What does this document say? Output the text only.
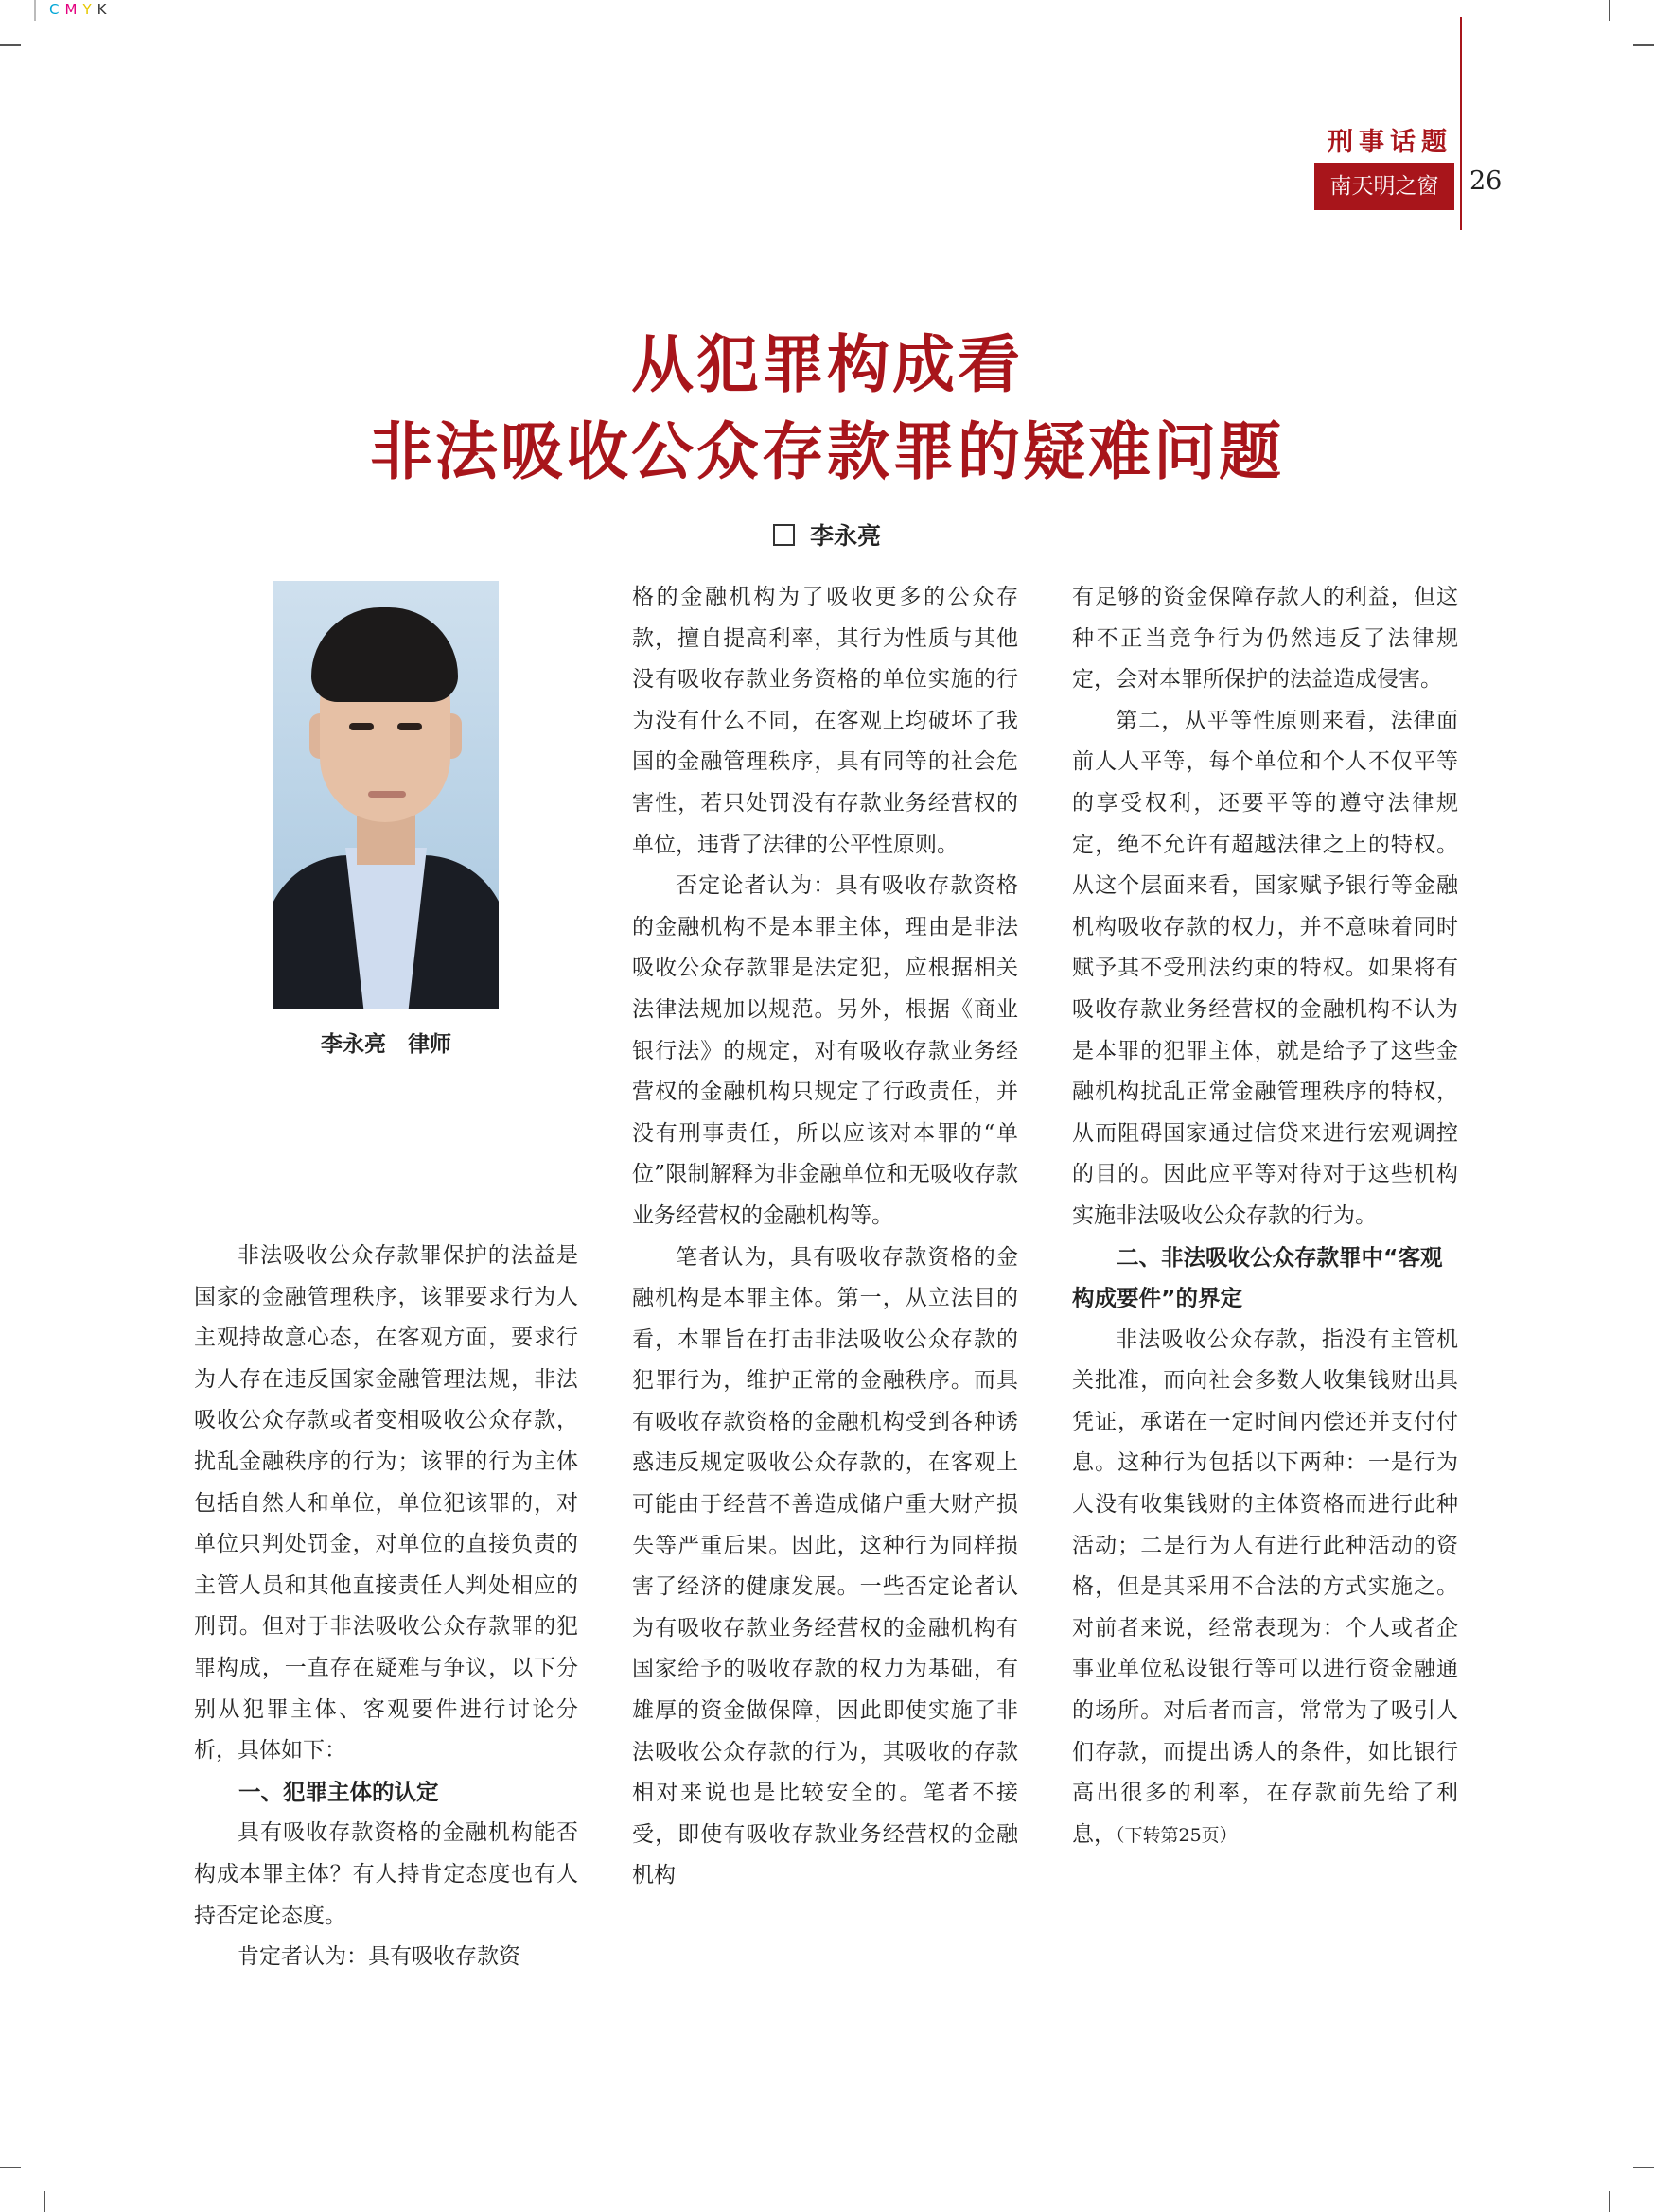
CMYK
刑事话题
南天明之窗	26
从犯罪构成看
非法吸收公众存款罪的疑难问题
李永亮
李永亮　律师

非法吸收公众存款罪保护的法益是国家的金融管理秩序，该罪要求行为人主观持故意心态，在客观方面，要求行为人存在违反国家金融管理法规，非法吸收公众存款或者变相吸收公众存款，扰乱金融秩序的行为；该罪的行为主体包括自然人和单位，单位犯该罪的，对单位只判处罚金，对单位的直接负责的主管人员和其他直接责任人判处相应的刑罚。但对于非法吸收公众存款罪的犯罪构成，一直存在疑难与争议，以下分别从犯罪主体、客观要件进行讨论分析，具体如下：

一、犯罪主体的认定

具有吸收存款资格的金融机构能否构成本罪主体？有人持肯定态度也有人持否定论态度。

肯定者认为：具有吸收存款资

格的金融机构为了吸收更多的公众存款，擅自提高利率，其行为性质与其他没有吸收存款业务资格的单位实施的行为没有什么不同，在客观上均破坏了我国的金融管理秩序，具有同等的社会危害性，若只处罚没有存款业务经营权的单位，违背了法律的公平性原则。

否定论者认为：具有吸收存款资格的金融机构不是本罪主体，理由是非法吸收公众存款罪是法定犯，应根据相关法律法规加以规范。另外，根据《商业银行法》的规定，对有吸收存款业务经营权的金融机构只规定了行政责任，并没有刑事责任，所以应该对本罪的“单位”限制解释为非金融单位和无吸收存款业务经营权的金融机构等。

笔者认为，具有吸收存款资格的金融机构是本罪主体。第一，从立法目的看，本罪旨在打击非法吸收公众存款的犯罪行为，维护正常的金融秩序。而具有吸收存款资格的金融机构受到各种诱惑违反规定吸收公众存款的，在客观上可能由于经营不善造成储户重大财产损失等严重后果。因此，这种行为同样损害了经济的健康发展。一些否定论者认为有吸收存款业务经营权的金融机构有国家给予的吸收存款的权力为基础，有雄厚的资金做保障，因此即使实施了非法吸收公众存款的行为，其吸收的存款相对来说也是比较安全的。笔者不接受，即使有吸收存款业务经营权的金融机构

有足够的资金保障存款人的利益，但这种不正当竞争行为仍然违反了法律规定，会对本罪所保护的法益造成侵害。

第二，从平等性原则来看，法律面前人人平等，每个单位和个人不仅平等的享受权利，还要平等的遵守法律规定，绝不允许有超越法律之上的特权。从这个层面来看，国家赋予银行等金融机构吸收存款的权力，并不意味着同时赋予其不受刑法约束的特权。如果将有吸收存款业务经营权的金融机构不认为是本罪的犯罪主体，就是给予了这些金融机构扰乱正常金融管理秩序的特权，从而阻碍国家通过信贷来进行宏观调控的目的。因此应平等对待对于这些机构实施非法吸收公众存款的行为。

二、非法吸收公众存款罪中“客观构成要件”的界定

非法吸收公众存款，指没有主管机关批准，而向社会多数人收集钱财出具凭证，承诺在一定时间内偿还并支付付息。这种行为包括以下两种：一是行为人没有收集钱财的主体资格而进行此种活动；二是行为人有进行此种活动的资格，但是其采用不合法的方式实施之。对前者来说，经常表现为：个人或者企事业单位私设银行等可以进行资金融通的场所。对后者而言，常常为了吸引人们存款，而提出诱人的条件，如比银行高出很多的利率，在存款前先给了利息，（下转第25页）
